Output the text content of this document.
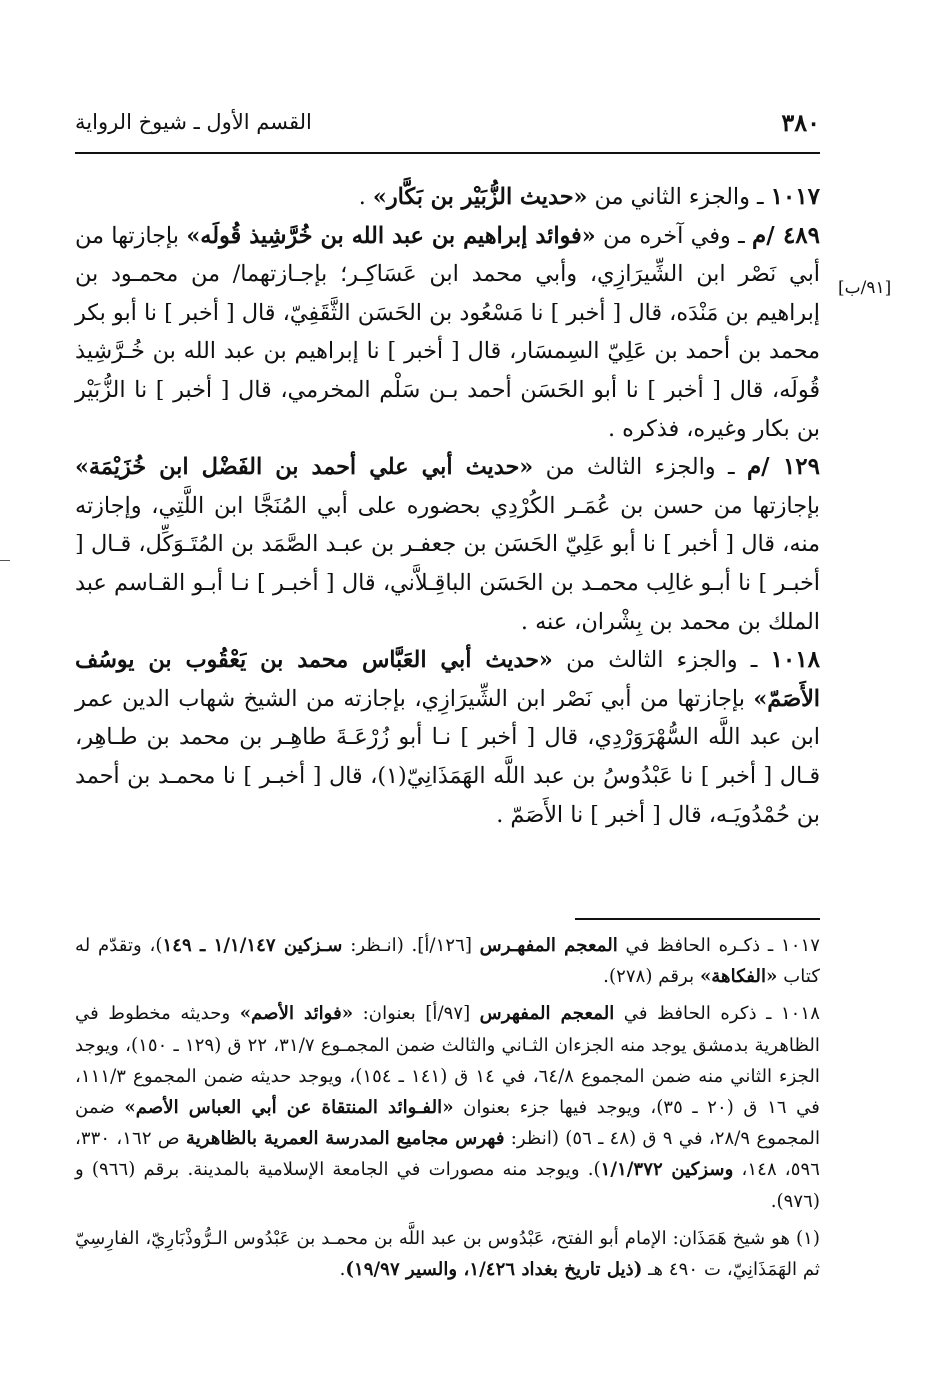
٣٨٠
القسم الأول ـ شيوخ الرواية
[٩١/ب]

١٠١٧ ـ والجزء الثاني من «حديث الزُّبَيْر بن بَكَّار» .

٤٨٩ /م ـ وفي آخره من «فوائد إبراهيم بن عبد الله بن خُرَّشِيذ قُولَه» بإجازتها من أبي نَصْر ابن الشِّيرَازِي، وأبي محمد ابن عَسَاكِـر؛ بإجـازتهما/ من محمـود بن إبراهيم بن مَنْدَه، قال [ أخبر ] نا مَسْعُود بن الحَسَن الثَّقَفِيّ، قال [ أخبر ] نا أبو بكر محمد بن أحمد بن عَلِيّ السِمسَار، قال [ أخبر ] نا إبراهيم بن عبد الله بن خُـرَّشِيذ قُولَه، قال [ أخبر ] نا أبو الحَسَن أحمد بـن سَلْم المخرمي، قال [ أخبر ] نا الزُّبَيْر بن بكار وغيره، فذكره .

١٢٩ /م ـ والجزء الثالث من «حديث أبي علي أحمد بن الفَضْل ابن خُزَيْمَة» بإجازتها من حسن بن عُمَـر الكُرْدِي بحضوره على أبي المُنَجَّا ابن اللَّتِي، وإجازته منه، قال [ أخبر ] نا أبو عَلِيّ الحَسَن بن جعفـر بن عبـد الصَّمَد بن المُتَـوَكِّل، قـال [ أخبـر ] نا أبـو غالِب محمـد بن الحَسَن الباقِـلاَّني، قال [ أخبـر ] نـا أبـو القـاسم عبد الملك بن محمد بن بِشْران، عنه .

١٠١٨ ـ والجزء الثالث من «حديث أبي العَبَّاس محمد بن يَعْقُوب بن يوسُف الأَصَمّ» بإجازتها من أبي نَصْر ابن الشِّيرَازِي، بإجازته من الشيخ شهاب الدين عمر ابن عبد اللَّه السُّهْرَوَرْدِي، قال [ أخبر ] نـا أبو زُرْعَـةَ طاهِـر بن محمد بن طـاهِر، قـال [ أخبر ] نا عَبْدُوسُ بن عبد اللَّه الهَمَذَانِيّ(١)، قال [ أخبـر ] نا محمـد بن أحمد بن حُمْدُويَـه، قال [ أخبر ] نا الأَصَمّ .

١٠١٧ ـ ذكـره الحافظ في المعجم المفهـرس [١٢٦/أ]. (انـظر: سـزكين ١/١/١٤٧ ـ ١٤٩)، وتقدّم له كتاب «الفكاهة» برقم (٢٧٨).

١٠١٨ ـ ذكره الحافظ في المعجم المفهرس [٩٧/أ] بعنوان: «فوائد الأصم» وحديثه مخطوط في الظاهرية بدمشق يوجد منه الجزءان الثـاني والثالث ضمن المجمـوع ٣١/٧، ٢٢ ق (١٢٩ ـ ١٥٠)، ويوجد الجزء الثاني منه ضمن المجموع ٦٤/٨، في ١٤ ق (١٤١ ـ ١٥٤)، ويوجد حديثه ضمن المجموع ١١١/٣، في ١٦ ق (٢٠ ـ ٣٥)، ويوجد فيها جزء بعنوان «الفـوائد المنتقاة عن أبي العباس الأصم» ضمن المجموع ٢٨/٩، في ٩ ق (٤٨ ـ ٥٦) (انظر: فهرس مجاميع المدرسة العمرية بالظاهرية ص ١٦٢، ٣٣٠، ٥٩٦، ١٤٨، وسزكين ١/١/٣٧٢). ويوجد منه مصورات في الجامعة الإسلامية بالمدينة. برقم (٩٦٦) و (٩٧٦).

(١) هو شيخ هَمَذَان: الإمام أبو الفتح، عَبْدُوس بن عبد اللَّه بن محمـد بن عَبْدُوس الـرُّوذْبَارِيّ، الفارِسِيّ ثم الهَمَذَانِيّ، ت ٤٩٠ هـ (ذيل تاريخ بغداد ١/٤٢٦، والسير ١٩/٩٧).
